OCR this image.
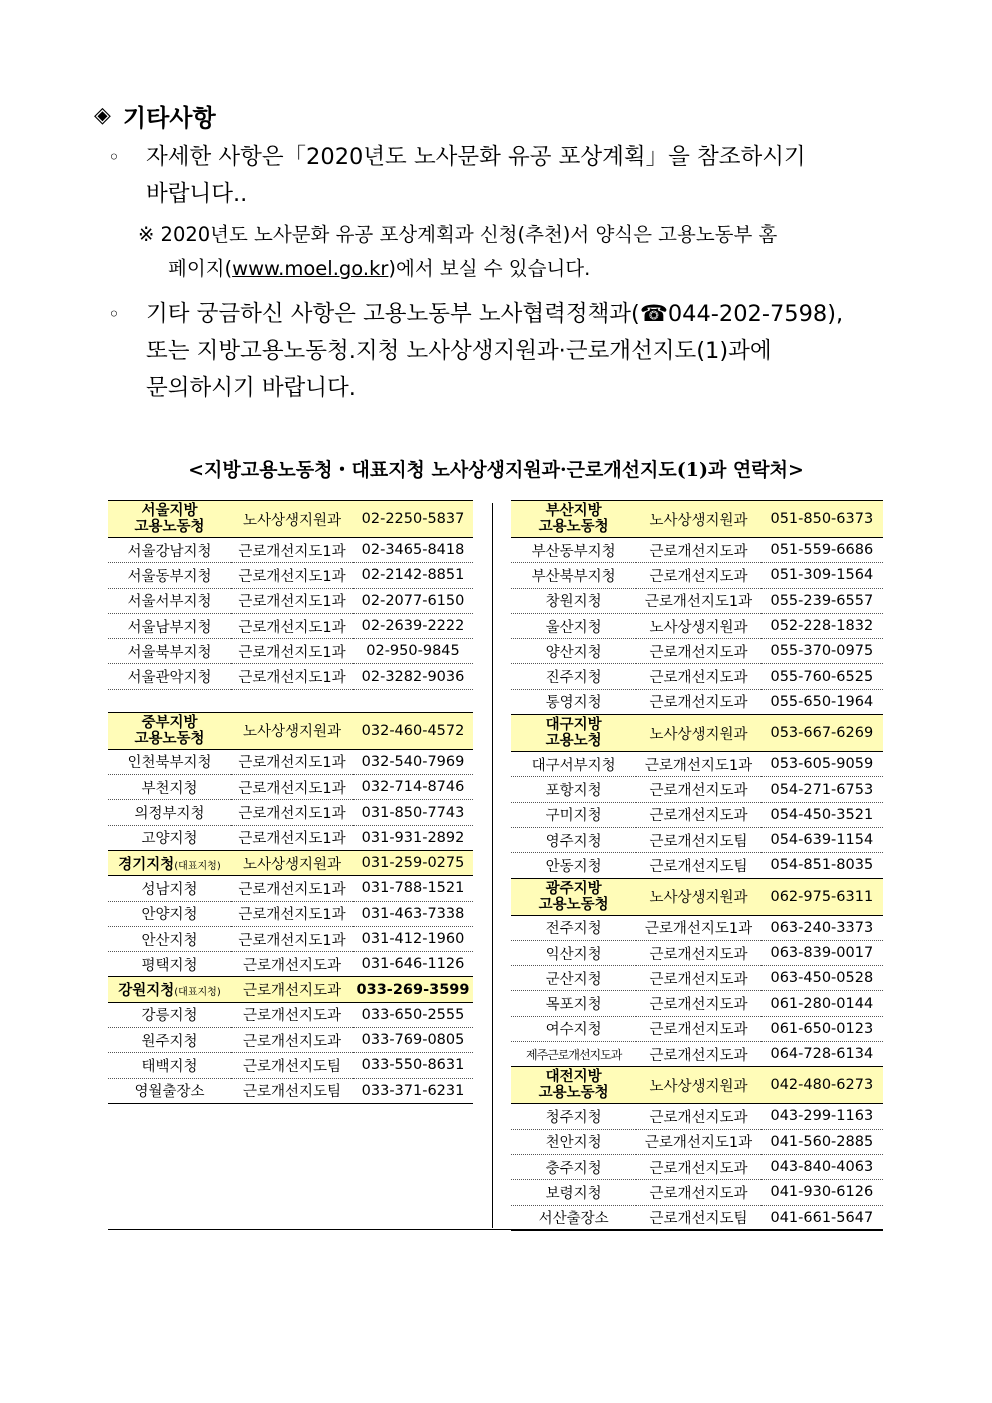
◈ 기타사항
◦ 자세한 사항은「2020년도 노사문화 유공 포상계획」을 참조하시기
바랍니다..
※ 2020년도 노사문화 유공 포상계획과 신청(추천)서 양식은 고용노동부 홈
페이지(www.moel.go.kr)에서 보실 수 있습니다.
◦ 기타 궁금하신 사항은 고용노동부 노사협력정책과(☎044-202-7598),
또는 지방고용노동청.지청 노사상생지원과·근로개선지도(1)과에
문의하시기 바랍니다.
<지방고용노동청・대표지청 노사상생지원과·근로개선지도(1)과 연락처>
서울지방
고용노동청	노사상생지원과	02-2250-5837
서울강남지청	근로개선지도1과	02-3465-8418
서울동부지청	근로개선지도1과	02-2142-8851
서울서부지청	근로개선지도1과	02-2077-6150
서울남부지청	근로개선지도1과	02-2639-2222
서울북부지청	근로개선지도1과	02-950-9845
서울관악지청	근로개선지도1과	02-3282-9036

중부지방
고용노동청	노사상생지원과	032-460-4572
인천북부지청	근로개선지도1과	032-540-7969
부천지청	근로개선지도1과	032-714-8746
의정부지청	근로개선지도1과	031-850-7743
고양지청	근로개선지도1과	031-931-2892
경기지청(대표지청)	노사상생지원과	031-259-0275
성남지청	근로개선지도1과	031-788-1521
안양지청	근로개선지도1과	031-463-7338
안산지청	근로개선지도1과	031-412-1960
평택지청	근로개선지도과	031-646-1126
강원지청(대표지청)	근로개선지도과	033-269-3599
강릉지청	근로개선지도과	033-650-2555
원주지청	근로개선지도과	033-769-0805
태백지청	근로개선지도팀	033-550-8631
영월출장소	근로개선지도팀	033-371-6231
부산지방
고용노동청	노사상생지원과	051-850-6373
부산동부지청	근로개선지도과	051-559-6686
부산북부지청	근로개선지도과	051-309-1564
창원지청	근로개선지도1과	055-239-6557
울산지청	노사상생지원과	052-228-1832
양산지청	근로개선지도과	055-370-0975
진주지청	근로개선지도과	055-760-6525
통영지청	근로개선지도과	055-650-1964

대구지방
고용노청	노사상생지원과	053-667-6269
대구서부지청	근로개선지도1과	053-605-9059
포항지청	근로개선지도과	054-271-6753
구미지청	근로개선지도과	054-450-3521
영주지청	근로개선지도팀	054-639-1154
안동지청	근로개선지도팀	054-851-8035

광주지방
고용노동청	노사상생지원과	062-975-6311
전주지청	근로개선지도1과	063-240-3373
익산지청	근로개선지도과	063-839-0017
군산지청	근로개선지도과	063-450-0528
목포지청	근로개선지도과	061-280-0144
여수지청	근로개선지도과	061-650-0123
제주근로개선지도과	근로개선지도과	064-728-6134

대전지방
고용노동청	노사상생지원과	042-480-6273
청주지청	근로개선지도과	043-299-1163
천안지청	근로개선지도1과	041-560-2885
충주지청	근로개선지도과	043-840-4063
보령지청	근로개선지도과	041-930-6126
서산출장소	근로개선지도팀	041-661-5647
